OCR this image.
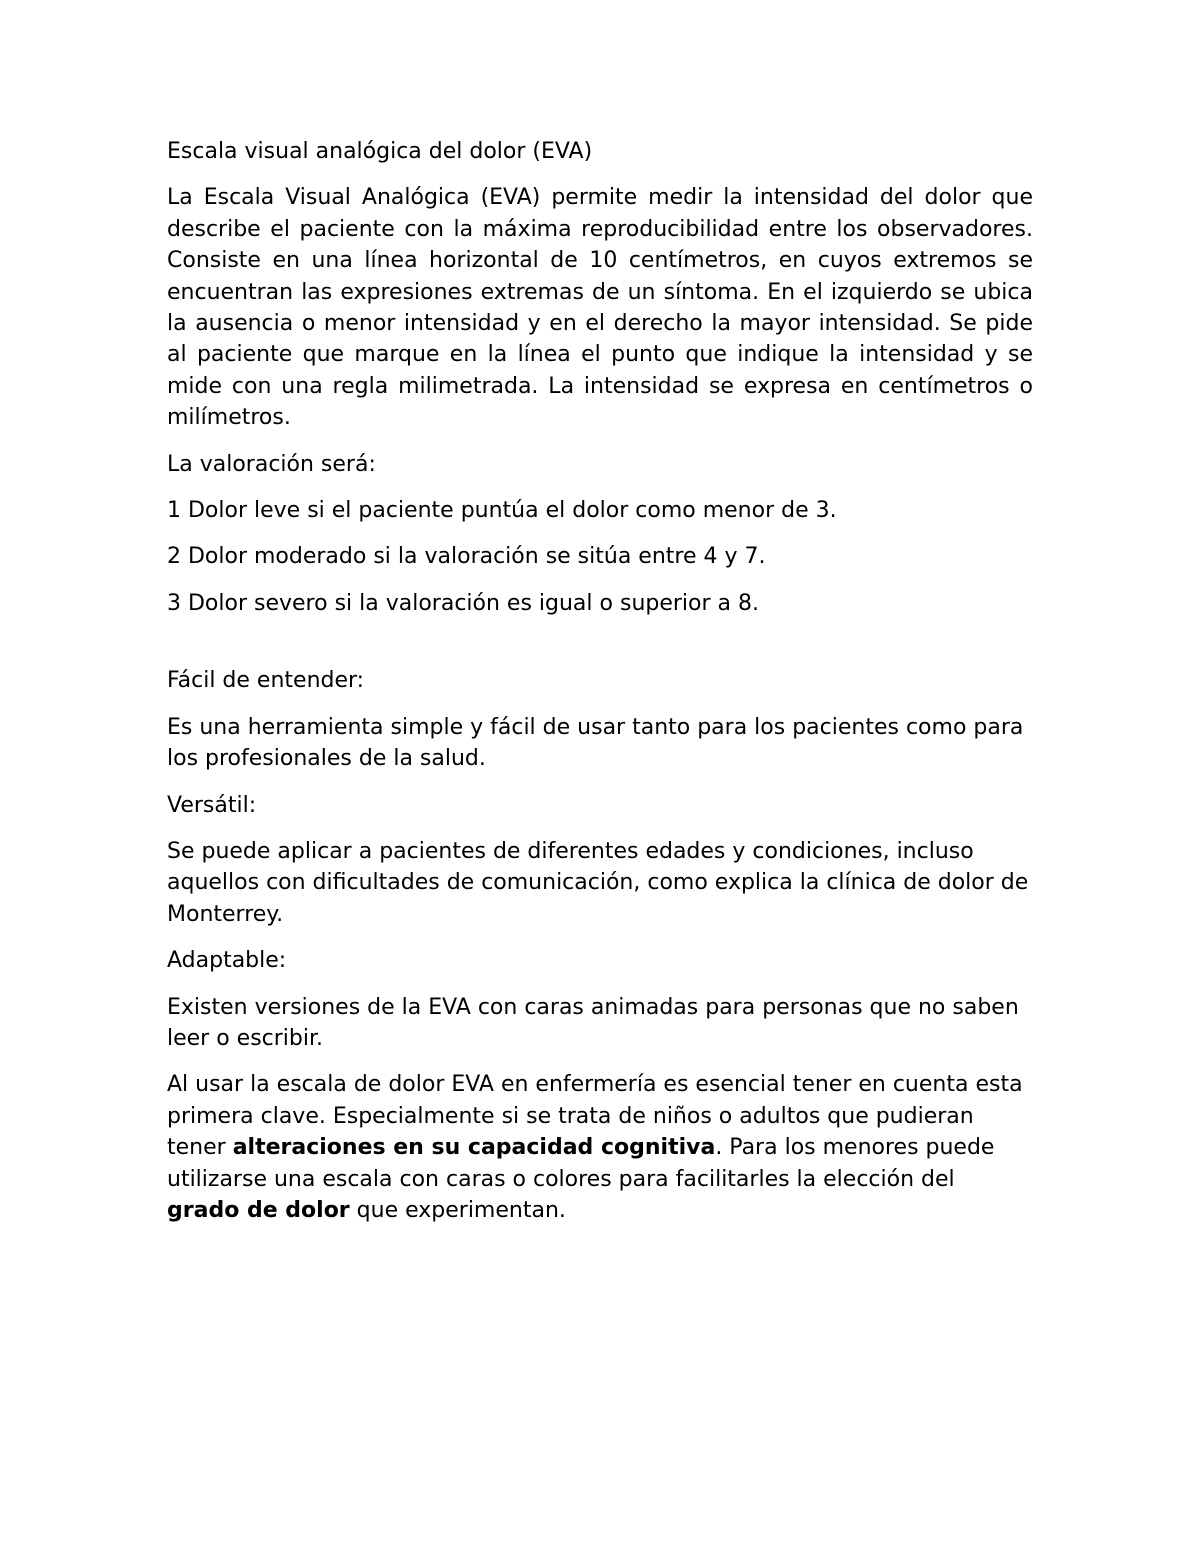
Escala visual analógica del dolor (EVA)

La Escala Visual Analógica (EVA) permite medir la intensidad del dolor que describe el paciente con la máxima reproducibilidad entre los observadores. Consiste en una línea horizontal de 10 centímetros, en cuyos extremos se encuentran las expresiones extremas de un síntoma. En el izquierdo se ubica la ausencia o menor intensidad y en el derecho la mayor intensidad. Se pide al paciente que marque en la línea el punto que indique la intensidad y se mide con una regla milimetrada. La intensidad se expresa en centímetros o milímetros.

La valoración será:

1 Dolor leve si el paciente puntúa el dolor como menor de 3.

2 Dolor moderado si la valoración se sitúa entre 4 y 7.

3 Dolor severo si la valoración es igual o superior a 8.

Fácil de entender:

Es una herramienta simple y fácil de usar tanto para los pacientes como para los profesionales de la salud.

Versátil:

Se puede aplicar a pacientes de diferentes edades y condiciones, incluso aquellos con dificultades de comunicación, como explica la clínica de dolor de Monterrey.

Adaptable:

Existen versiones de la EVA con caras animadas para personas que no saben leer o escribir.

Al usar la escala de dolor EVA en enfermería es esencial tener en cuenta esta primera clave. Especialmente si se trata de niños o adultos que pudieran tener alteraciones en su capacidad cognitiva. Para los menores puede utilizarse una escala con caras o colores para facilitarles la elección del grado de dolor que experimentan.
